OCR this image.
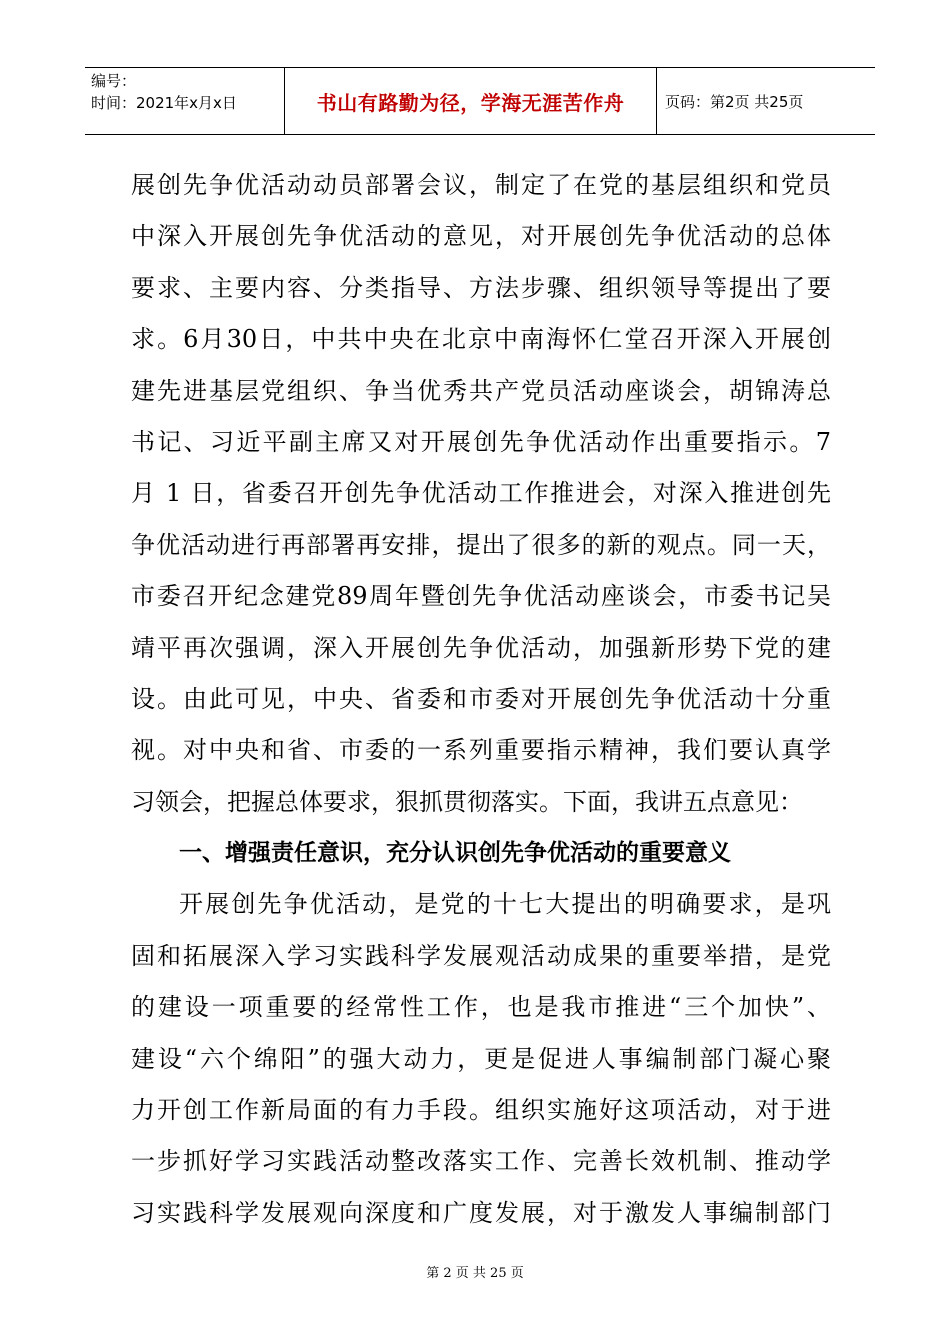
编号：
时间：2021年x月x日	书山有路勤为径，学海无涯苦作舟	页码：第2页 共25页
展创先争优活动动员部署会议，制定了在党的基层组织和党员
中深入开展创先争优活动的意见，对开展创先争优活动的总体
要求、主要内容、分类指导、方法步骤、组织领导等提出了要
求。6月30日，中共中央在北京中南海怀仁堂召开深入开展创
建先进基层党组织、争当优秀共产党员活动座谈会，胡锦涛总
书记、习近平副主席又对开展创先争优活动作出重要指示。7
月 1 日，省委召开创先争优活动工作推进会，对深入推进创先
争优活动进行再部署再安排，提出了很多的新的观点。同一天，
市委召开纪念建党89周年暨创先争优活动座谈会，市委书记吴
靖平再次强调，深入开展创先争优活动，加强新形势下党的建
设。由此可见，中央、省委和市委对开展创先争优活动十分重
视。对中央和省、市委的一系列重要指示精神，我们要认真学
习领会，把握总体要求，狠抓贯彻落实。下面，我讲五点意见：
一、增强责任意识，充分认识创先争优活动的重要意义
开展创先争优活动，是党的十七大提出的明确要求，是巩
固和拓展深入学习实践科学发展观活动成果的重要举措，是党
的建设一项重要的经常性工作，也是我市推进“三个加快”、
建设“六个绵阳”的强大动力，更是促进人事编制部门凝心聚
力开创工作新局面的有力手段。组织实施好这项活动，对于进
一步抓好学习实践活动整改落实工作、完善长效机制、推动学
习实践科学发展观向深度和广度发展，对于激发人事编制部门
第 2 页 共 25 页
